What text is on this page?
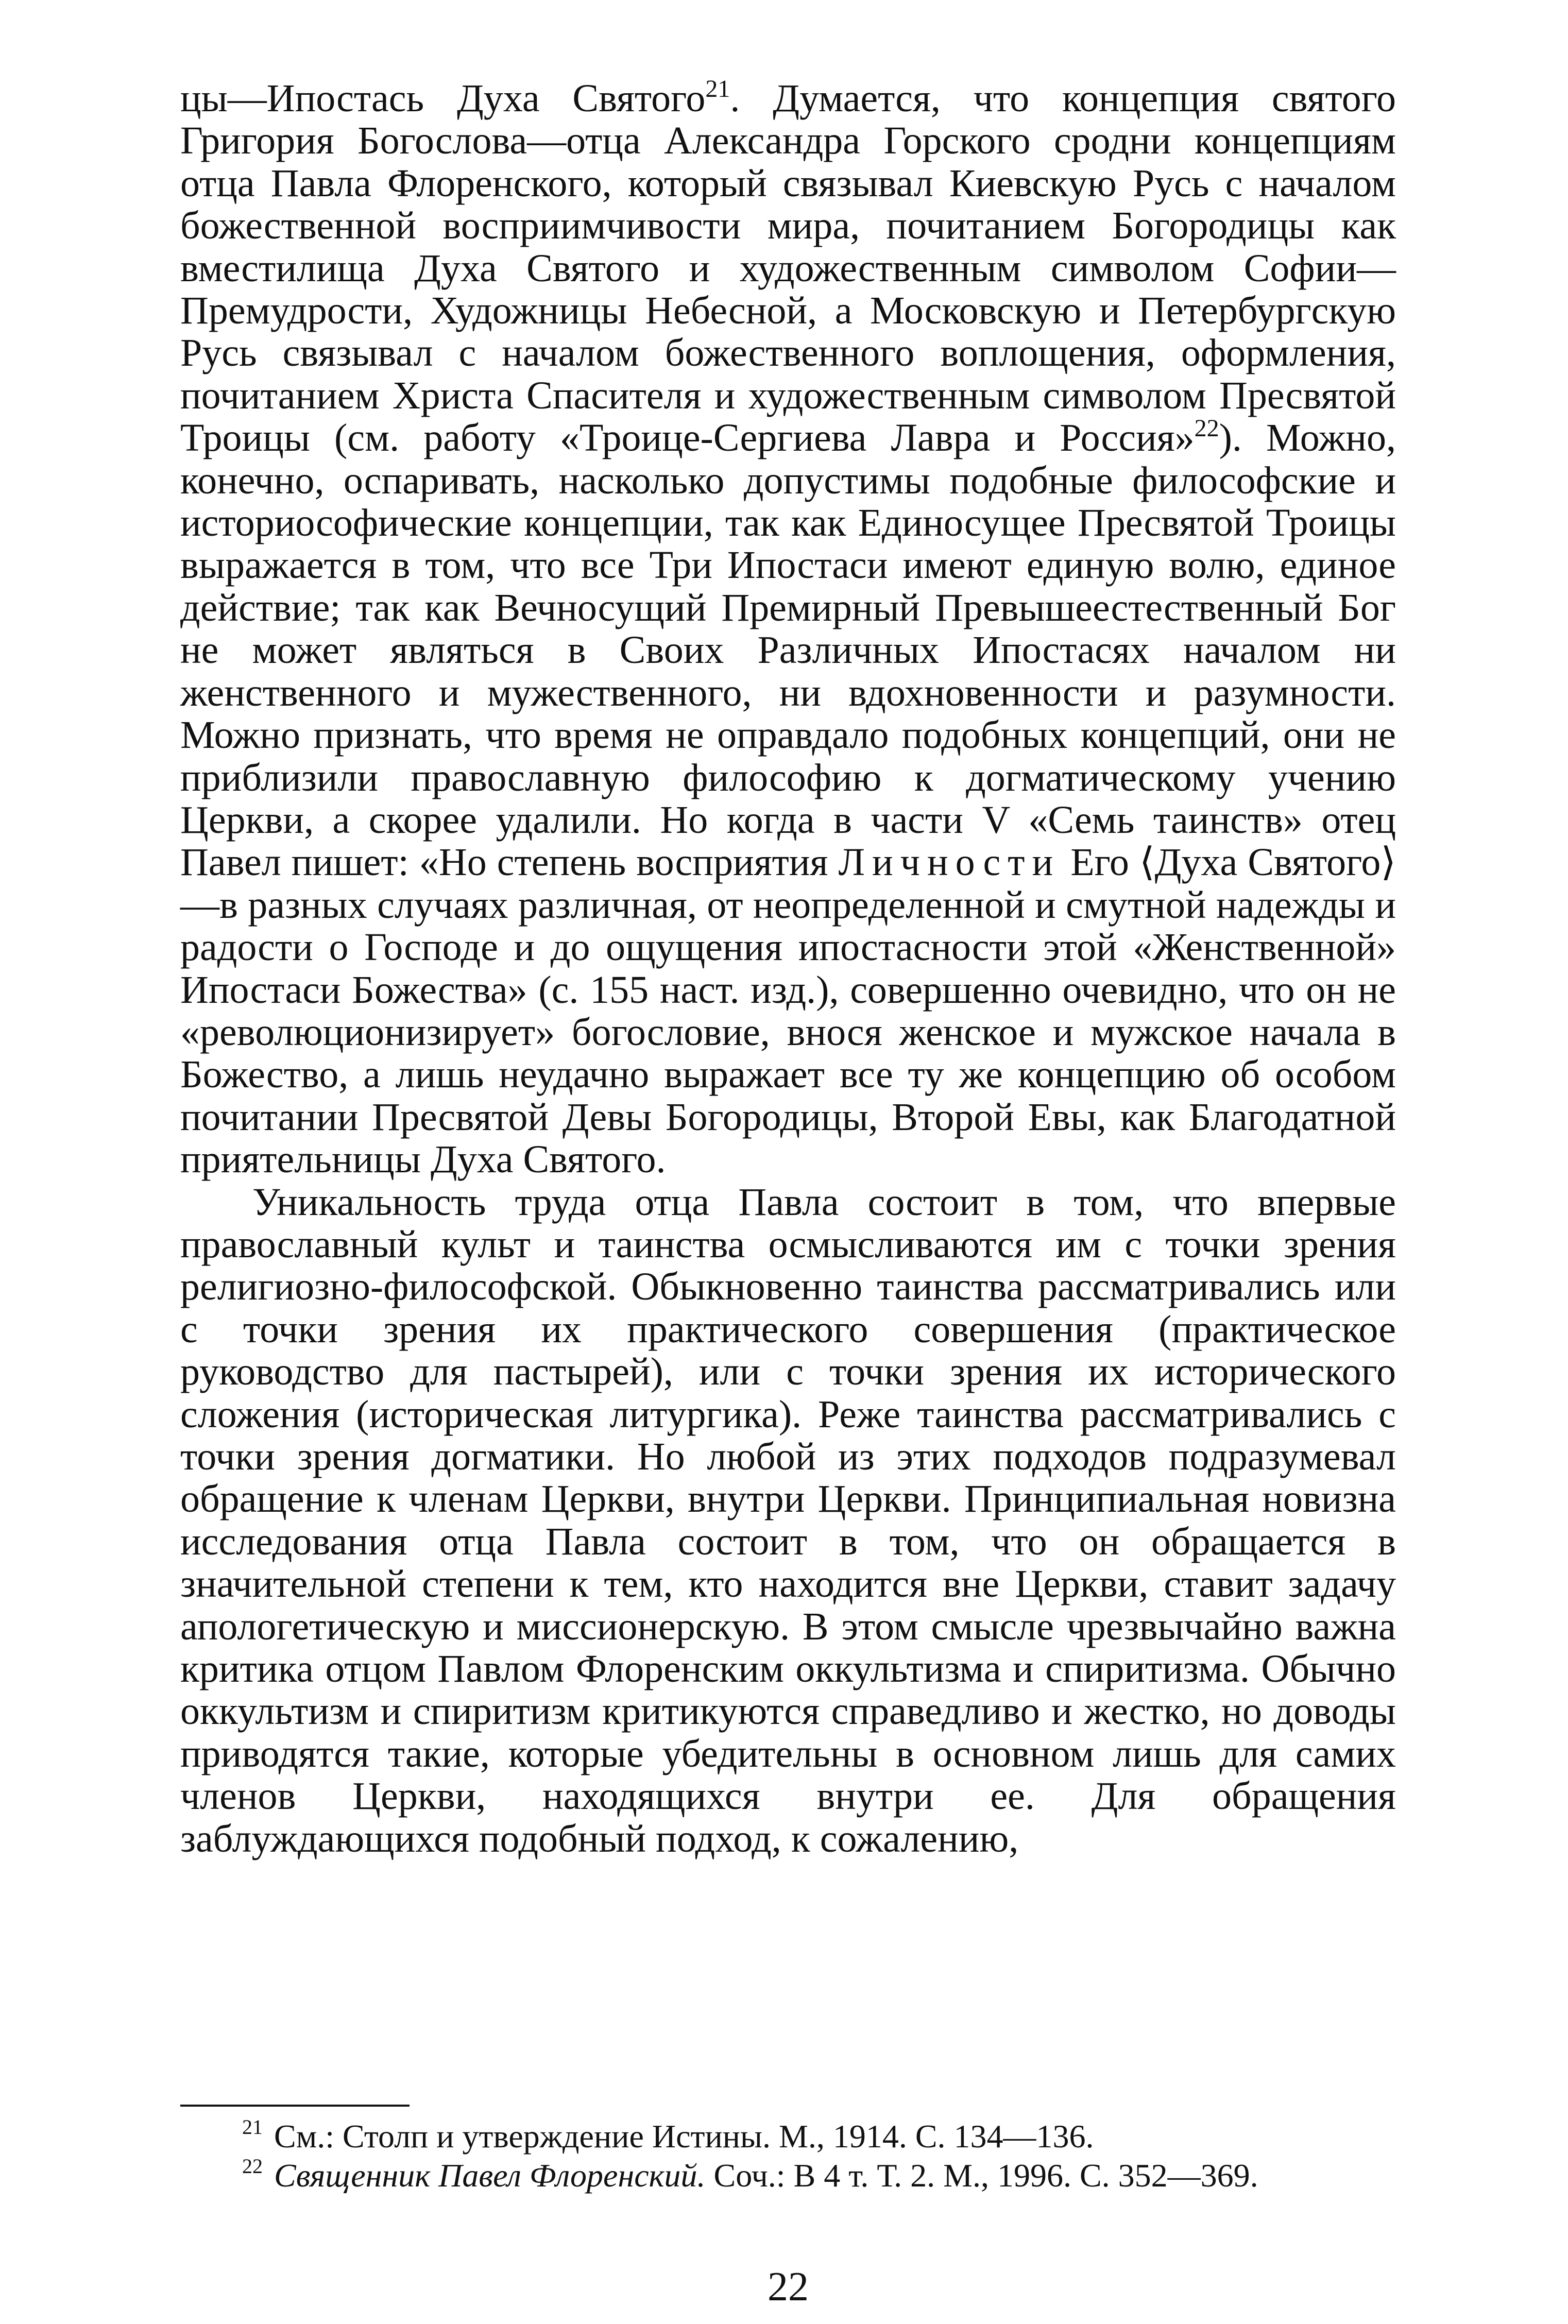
цы—Ипостась Духа Святого$^{21}$. Думается, что концепция святого Григория Богослова—отца Александра Горского сродни концепциям отца Павла Флоренского, который связывал Киевскую Русь с началом божественной восприимчивости мира, почитанием Богородицы как вместилища Духа Святого и художественным символом Софии—Премудрости, Художницы Небесной, а Московскую и Петербургскую Русь связывал с началом божественного воплощения, оформления, почитанием Христа Спасителя и художественным символом Пресвятой Троицы (см. работу «Троице-Сергиева Лавра и Россия»$^{22}$). Можно, конечно, оспаривать, насколько допустимы подобные философские и историософические концепции, так как Единосущее Пресвятой Троицы выражается в том, что все Три Ипостаси имеют единую волю, единое действие; так как Вечносущий Премирный Превышеестественный Бог не может являться в Своих Различных Ипостасях началом ни женственного и мужественного, ни вдохновенности и разумности. Можно признать, что время не оправдало подобных концепций, они не приблизили православную философию к догматическому учению Церкви, а скорее удалили. Но когда в части V «Семь таинств» отец Павел пишет: «Но степень восприятия Личности Его ⟨Духа Святого⟩—в разных случаях различная, от неопределенной и смутной надежды и радости о Господе и до ощущения ипостасности этой «Женственной» Ипостаси Божества» (с. 155 наст. изд.), совершенно очевидно, что он не «революционизирует» богословие, внося женское и мужское начала в Божество, а лишь неудачно выражает все ту же концепцию об особом почитании Пресвятой Девы Богородицы, Второй Евы, как Благодатной приятельницы Духа Святого.

Уникальность труда отца Павла состоит в том, что впервые православный культ и таинства осмысливаются им с точки зрения религиозно-философской. Обыкновенно таинства рассматривались или с точки зрения их практического совершения (практическое руководство для пастырей), или с точки зрения их исторического сложения (историческая литургика). Реже таинства рассматривались с точки зрения догматики. Но любой из этих подходов подразумевал обращение к членам Церкви, внутри Церкви. Принципиальная новизна исследования отца Павла состоит в том, что он обращается в значительной степени к тем, кто находится вне Церкви, ставит задачу апологетическую и миссионерскую. В этом смысле чрезвычайно важна критика отцом Павлом Флоренским оккультизма и спиритизма. Обычно оккультизм и спиритизм критикуются справедливо и жестко, но доводы приводятся такие, которые убедительны в основном лишь для самих членов Церкви, находящихся внутри ее. Для обращения заблуждающихся подобный подход, к сожалению,

$^{21}$ См.: Столп и утверждение Истины. М., 1914. С. 134—136.

$^{22}$ Священник Павел Флоренский. Соч.: В 4 т. Т. 2. М., 1996. С. 352—369.

22
